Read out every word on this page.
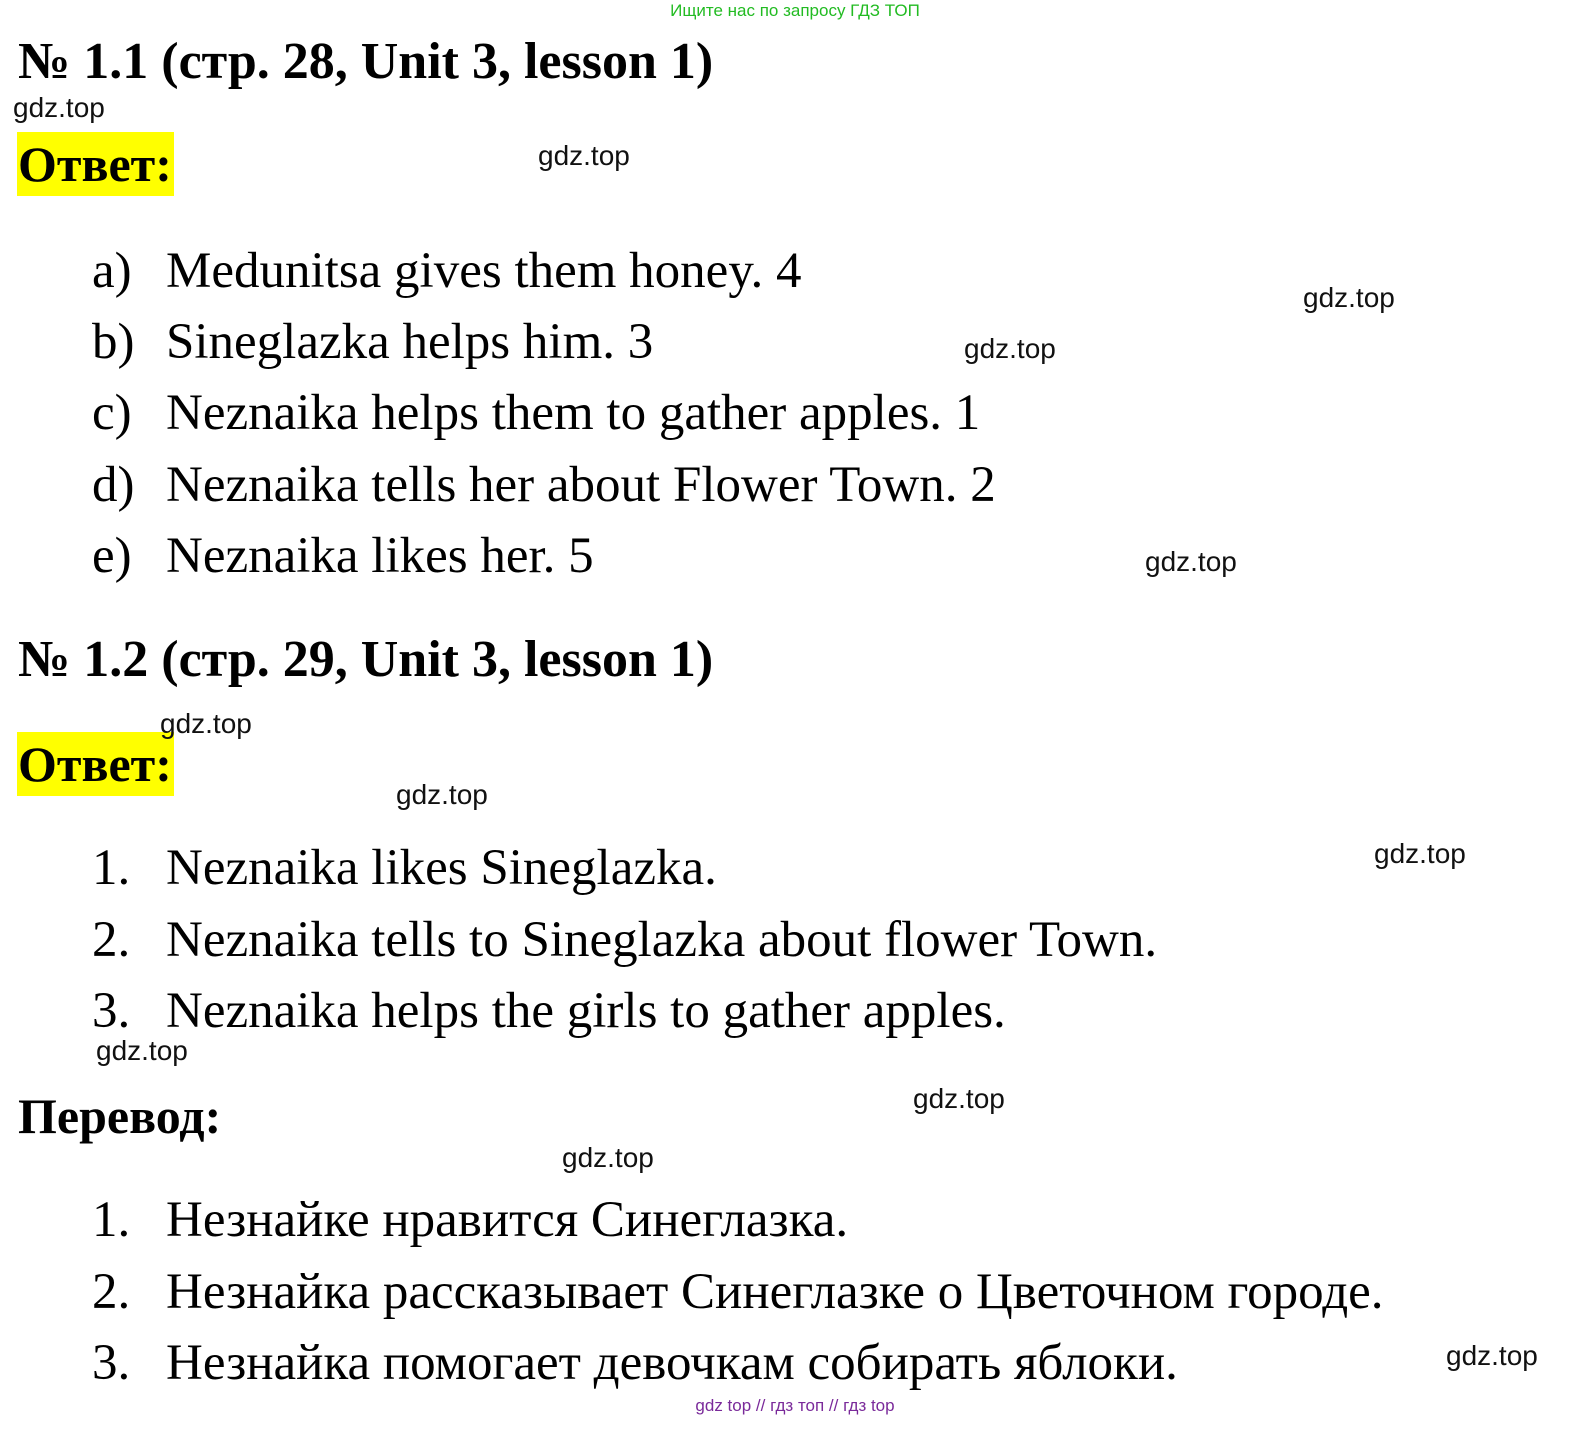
Ищите нас по запросу ГДЗ ТОП
№ 1.1 (стр. 28, Unit 3, lesson 1)
Ответ:
a) Medunitsa gives them honey. 4
b) Sineglazka helps him. 3
c) Neznaika helps them to gather apples. 1
d) Neznaika tells her about Flower Town. 2
e) Neznaika likes her. 5
№ 1.2 (стр. 29, Unit 3, lesson 1)
Ответ:
1. Neznaika likes Sineglazka.
2. Neznaika tells to Sineglazka about flower Town.
3. Neznaika helps the girls to gather apples.
Перевод:
1. Незнайке нравится Синеглазка.
2. Незнайка рассказывает Синеглазке о Цветочном городе.
3. Незнайка помогает девочкам собирать яблоки.
gdz.top
gdz.top
gdz.top
gdz.top
gdz.top
gdz.top
gdz.top
gdz.top
gdz.top
gdz.top
gdz.top
gdz.top
gdz top // гдз топ // гдз top
